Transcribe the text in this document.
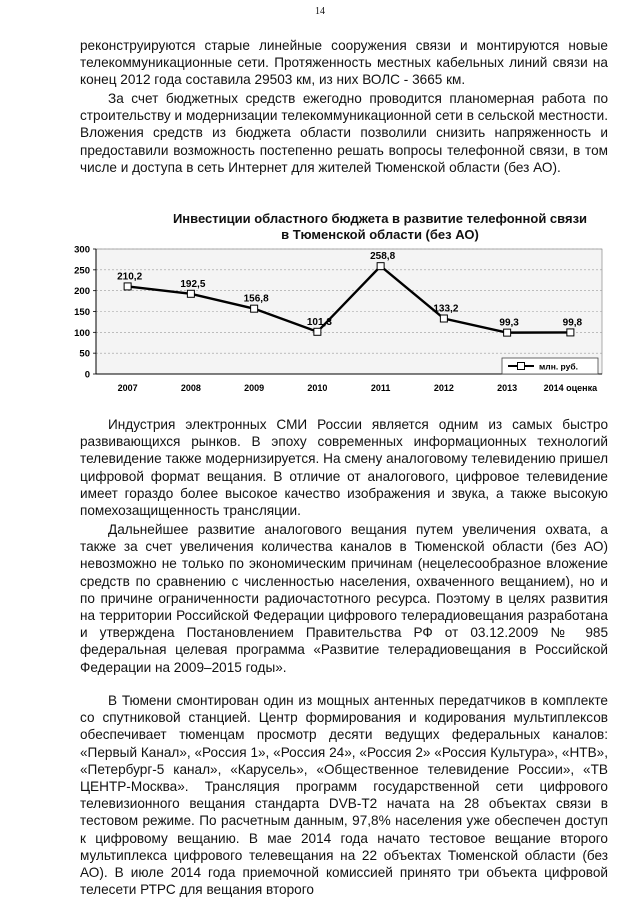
14

реконструируются старые линейные сооружения связи и монтируются новые телекоммуникационные сети. Протяженность местных кабельных линий связи на конец 2012 года составила 29503 км, из них ВОЛС - 3665 км.

За счет бюджетных средств ежегодно проводится планомерная работа по строительству и модернизации телекоммуникационной сети в сельской местности. Вложения средств из бюджета области позволили снизить напряженность и предоставили возможность постепенно решать вопросы телефонной связи, в том числе и доступа в сеть Интернет для жителей Тюменской области (без АО).

Инвестиции областного бюджета в развитие телефонной связи
в Тюменской области (без АО)
0
50
100
150
200
250
300
2007	2008	2009	2010	2011	2012	2013	2014 оценка
210,2
192,5
156,8
101,3
258,8
133,2
99,3	99,8
млн. руб.

Индустрия электронных СМИ России является одним из самых быстро развивающихся рынков. В эпоху современных информационных технологий телевидение также модернизируется. На смену аналоговому телевидению пришел цифровой формат вещания. В отличие от аналогового, цифровое телевидение имеет гораздо более высокое качество изображения и звука, а также высокую помехозащищенность трансляции.

Дальнейшее развитие аналогового вещания путем увеличения охвата, а также за счет увеличения количества каналов в Тюменской области (без АО) невозможно не только по экономическим причинам (нецелесообразное вложение средств по сравнению с численностью населения, охваченного вещанием), но и по причине ограниченности радиочастотного ресурса. Поэтому в целях развития на территории Российской Федерации цифрового телерадиовещания разработана и утверждена Постановлением Правительства РФ от 03.12.2009 № 985 федеральная целевая программа «Развитие телерадиовещания в Российской Федерации на 2009–2015 годы».

В Тюмени смонтирован один из мощных антенных передатчиков в комплекте со спутниковой станцией. Центр формирования и кодирования мультиплексов обеспечивает тюменцам просмотр десяти ведущих федеральных каналов: «Первый Канал», «Россия 1», «Россия 24», «Россия 2» «Россия Культура», «НТВ», «Петербург-5 канал», «Карусель», «Общественное телевидение России», «ТВ ЦЕНТР-Москва». Трансляция программ государственной сети цифрового телевизионного вещания стандарта DVB-T2 начата на 28 объектах связи в тестовом режиме. По расчетным данным, 97,8% населения уже обеспечен доступ к цифровому вещанию. В мае 2014 года начато тестовое вещание второго мультиплекса цифрового телевещания на 22 объектах Тюменской области (без АО). В июле 2014 года приемочной комиссией принято три объекта цифровой телесети РТРС для вещания второго
